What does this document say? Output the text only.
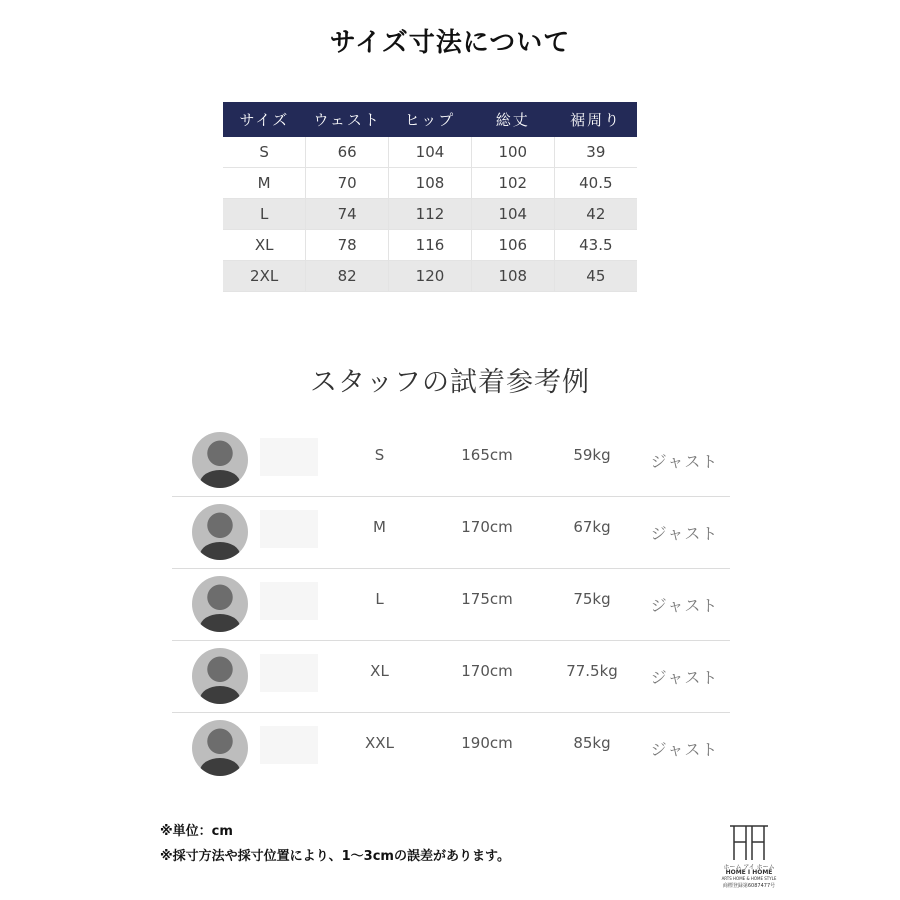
サイズ寸法について
サイズ	ウェスト	ヒップ	総丈	裾周り
S	66	104	100	39
M	70	108	102	40.5
L	74	112	104	42
XL	78	116	106	43.5
2XL	82	120	108	45
スタッフの試着参考例
S	165cm	59kg	ジャスト
M	170cm	67kg	ジャスト
L	175cm	75kg	ジャスト
XL	170cm	77.5kg	ジャスト
XXL	190cm	85kg	ジャスト
※単位：cm
※採寸方法や採寸位置により、1～3cmの誤差があります。
ホーム アイ ホーム
HOME I HOME
ARTS HOME & HOME STYLE
商標登録第6087477号
